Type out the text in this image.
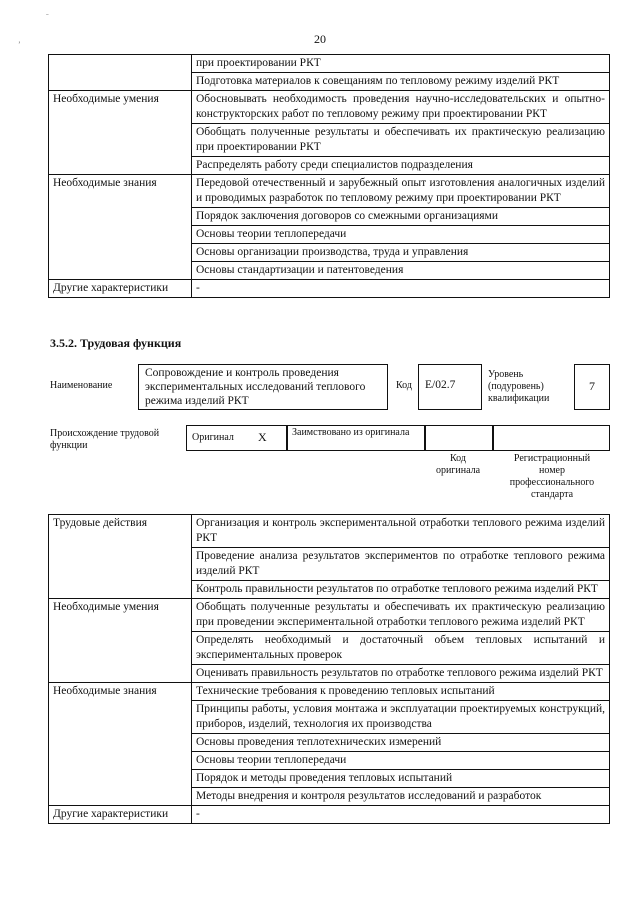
ˉ
ʼ	20
	при проектировании РКТ
	Подготовка материалов к совещаниям по тепловому режиму изделий РКТ
Необходимые умения	Обосновывать необходимость проведения научно-исследовательских и опытно-конструкторских работ по тепловому режиму при проектировании РКТ
	Обобщать полученные результаты и обеспечивать их практическую реализацию при проектировании РКТ
	Распределять работу среди специалистов подразделения
Необходимые знания	Передовой отечественный и зарубежный опыт изготовления аналогичных изделий и проводимых разработок по тепловому режиму при проектировании РКТ
	Порядок заключения договоров со смежными организациями
	Основы теории теплопередачи
	Основы организации производства, труда и управления
	Основы стандартизации и патентоведения
Другие характеристики	-
3.5.2. Трудовая функция
Наименование
Сопровождение и контроль проведения экспериментальных исследований теплового режима изделий РКТ
Код	E/02.7
Уровень (подуровень) квалификации
7
Происхождение трудовой функции
Оригинал X	Заимствовано из оригинала
Код оригинала
Регистрационный номер профессионального стандарта
Трудовые действия	Организация и контроль экспериментальной отработки теплового режима изделий РКТ
	Проведение анализа результатов экспериментов по отработке теплового режима изделий РКТ
	Контроль правильности результатов по отработке теплового режима изделий РКТ
Необходимые умения	Обобщать полученные результаты и обеспечивать их практическую реализацию при проведении экспериментальной отработки теплового режима изделий РКТ
	Определять необходимый и достаточный объем тепловых испытаний и экспериментальных проверок
	Оценивать правильность результатов по отработке теплового режима изделий РКТ
Необходимые знания	Технические требования к проведению тепловых испытаний
	Принципы работы, условия монтажа и эксплуатации проектируемых конструкций, приборов, изделий, технология их производства
	Основы проведения теплотехнических измерений
	Основы теории теплопередачи
	Порядок и методы проведения тепловых испытаний
	Методы внедрения и контроля результатов исследований и разработок
Другие характеристики	-
